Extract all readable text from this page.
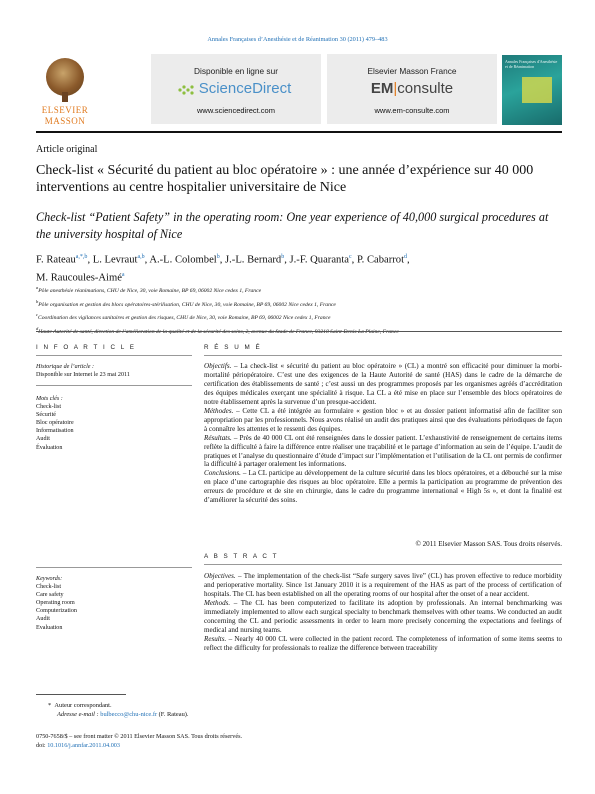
Annales Françaises d’Anesthésie et de Réanimation 30 (2011) 479–483
ELSEVIER
MASSON
Disponible en ligne sur
ScienceDirect
www.sciencedirect.com
Elsevier Masson France
EM|consulte
www.em-consulte.com
Annales Françaises d'Anesthésie et de Réanimation
Article original
Check-list « Sécurité du patient au bloc opératoire » : une année d’expérience sur 40 000 interventions au centre hospitalier universitaire de Nice
Check-list “Patient Safety” in the operating room: One year experience of 40,000 surgical procedures at the university hospital of Nice
F. Rateau$^{a,*,b}$, L. Levraut$^{a,b}$, A.-L. Colombel$^b$, J.-L. Bernard$^b$, J.-F. Quaranta$^c$, P. Cabarrot$^d$,
M. Raucoules-Aimé$^a$
$^a$Pôle anesthésie réanimations, CHU de Nice, 30, voie Romaine, BP 69, 06002 Nice cedex 1, France
$^b$Pôle organisation et gestion des blocs opératoires-stérilisation, CHU de Nice, 30, voie Romaine, BP 69, 06002 Nice cedex 1, France
$^c$Coordination des vigilances sanitaires et gestion des risques, CHU de Nice, 30, voie Romaine, BP 69, 06002 Nice cedex 1, France
$^d$
I N F O A R T I C L E	R É S U M É
Historique de l’article :
Disponible sur Internet le 23 mai 2011
Mots clés :
Check-list
Sécurité
Bloc opératoire
Informatisation
Audit
Évaluation
Keywords:
Check-list
Care safety
Operating room
Computerization
Audit
Evaluation
Objectifs. – La check-list « sécurité du patient au bloc opératoire » (CL) a montré son efficacité pour diminuer la morbi-mortalité périopératoire. C’est une des exigences de la Haute Autorité de santé (HAS) dans le cadre de la démarche de certification des établissements de santé ; c’est aussi un des programmes proposés par les organismes agréés d’accréditation des équipes médicales exerçant une spécialité à risque. La CL a été mise en place sur l’ensemble des blocs opératoires de notre établissement après la survenue d’un presque-accident.
Méthodes. – Cette CL a été intégrée au formulaire « gestion bloc » et au dossier patient informatisé afin de faciliter son appropriation par les professionnels. Nous avons réalisé un audit des pratiques ainsi que des évaluations périodiques de façon à connaître les attentes et le ressenti des équipes.
Résultats. – Près de 40 000 CL ont été renseignées dans le dossier patient. L’exhaustivité de renseignement de certains items reflète la difficulté à faire la différence entre réaliser une traçabilité et le partage d’information au sein de l’équipe. L’audit de pratiques et l’analyse du questionnaire d’étude d’impact sur l’implémentation et l’utilisation de la CL ont permis de confirmer la difficulté à partager oralement les informations.
Conclusions. – La CL participe au développement de la culture sécurité dans les blocs opératoires, et a débouché sur la mise en place d’une cartographie des risques au bloc opératoire. Elle a permis la participation au programme de prévention des erreurs de procédure et de site en chirurgie, dans le cadre du programme international « High 5s », et dont la finalité est d’améliorer la sécurité des soins.
© 2011 Elsevier Masson SAS. Tous droits réservés.
A B S T R A C T
Objectives. – The implementation of the check-list “Safe surgery saves live” (CL) has proven effective to reduce morbidity and perioperative mortality. Since 1st January 2010 it is a requirement of the HAS as part of the process of certification of hospitals. The CL has been established on all the operating rooms of our hospital after the onset of a near accident.
Methods. – The CL has been computerized to facilitate its adoption by professionals. An internal benchmarking was immediately implemented to allow each surgical specialty to benchmark themselves with other teams. We conducted an audit concerning the CL and periodic assessments in order to learn more precisely concerning the expectations and feelings of medical and nursing teams.
Results. – Nearly 40 000 CL were collected in the patient record. The completeness of information of some items seems to reflect the difficulty for professionals to realize the difference between traceability
* Auteur correspondant.
Adresse e-mail : bulbecco@chu-nice.fr (F. Rateau).
0750-7658/$ – see front matter © 2011 Elsevier Masson SAS. Tous droits réservés.
doi: 10.1016/j.annfar.2011.04.003
